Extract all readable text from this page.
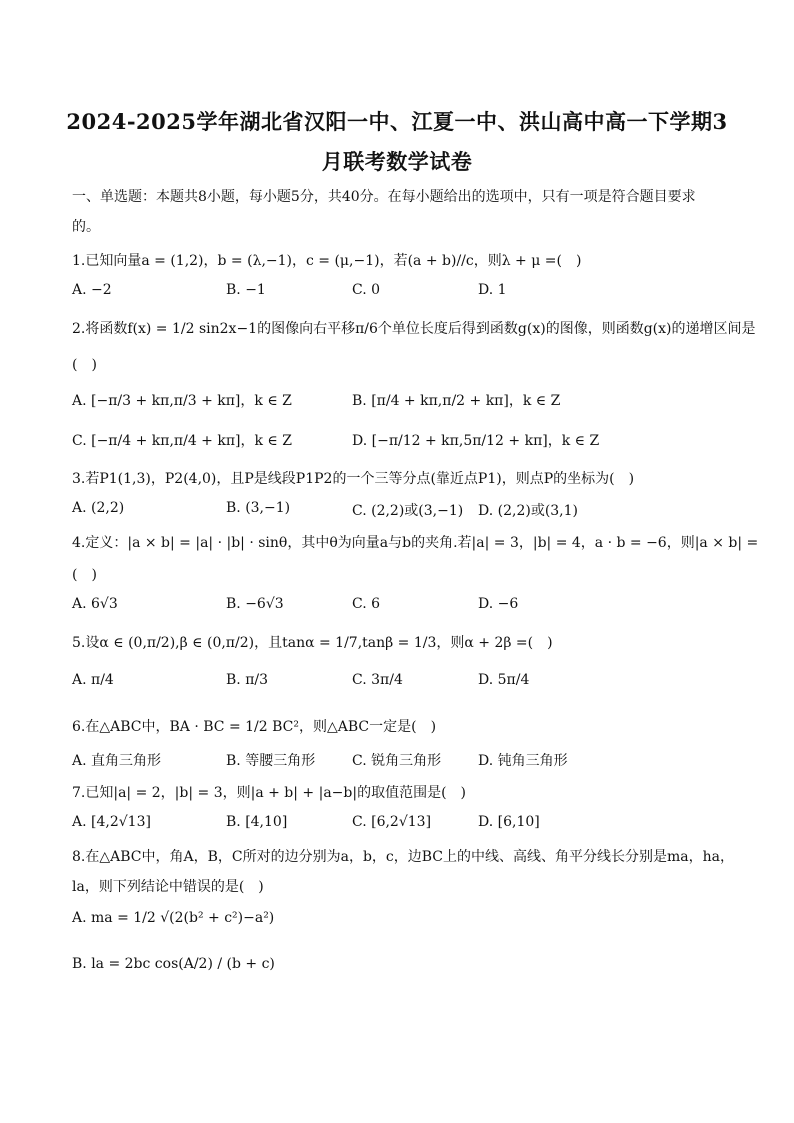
2024-2025学年湖北省汉阳一中、江夏一中、洪山高中高一下学期3
月联考数学试卷
一、单选题：本题共8小题，每小题5分，共40分。在每小题给出的选项中，只有一项是符合题目要求
的。
1.已知向量a = (1,2)，b = (λ,−1)，c = (μ,−1)，若(a + b)//c，则λ + μ =(　)
A. −2	B. −1	C. 0	D. 1
2.将函数f(x) = 1/2 sin2x−1的图像向右平移π/6个单位长度后得到函数g(x)的图像，则函数g(x)的递增区间是
(　)
A. [−π/3 + kπ,π/3 + kπ]，k ∈ Z	B. [π/4 + kπ,π/2 + kπ]，k ∈ Z
C. [−π/4 + kπ,π/4 + kπ]，k ∈ Z	D. [−π/12 + kπ,5π/12 + kπ]，k ∈ Z
3.若P1(1,3)，P2(4,0)，且P是线段P1P2的一个三等分点(靠近点P1)，则点P的坐标为(　)
A. (2,2)	B. (3,−1)	C. (2,2)或(3,−1) D. (2,2)或(3,1)
4.定义：|a × b| = |a| · |b| · sinθ，其中θ为向量a与b的夹角.若|a| = 3，|b| = 4，a · b = −6，则|a × b| =
(　)
A. 6√3	B. −6√3	C. 6	D. −6
5.设α ∈ (0,π/2),β ∈ (0,π/2)，且tanα = 1/7,tanβ = 1/3，则α + 2β =(　)
A. π/4	B. π/3	C. 3π/4	D. 5π/4
6.在△ABC中，BA · BC = 1/2 BC²，则△ABC一定是(　)
A. 直角三角形	B. 等腰三角形	C. 锐角三角形	D. 钝角三角形
7.已知|a| = 2，|b| = 3，则|a + b| + |a−b|的取值范围是(　)
A. [4,2√13]	B. [4,10]	C. [6,2√13]	D. [6,10]
8.在△ABC中，角A，B，C所对的边分别为a，b，c，边BC上的中线、高线、角平分线长分别是ma，ha，
la，则下列结论中错误的是(　)
A. ma = 1/2 √(2(b² + c²)−a²)
B. la = 2bc cos(A/2) / (b + c)
